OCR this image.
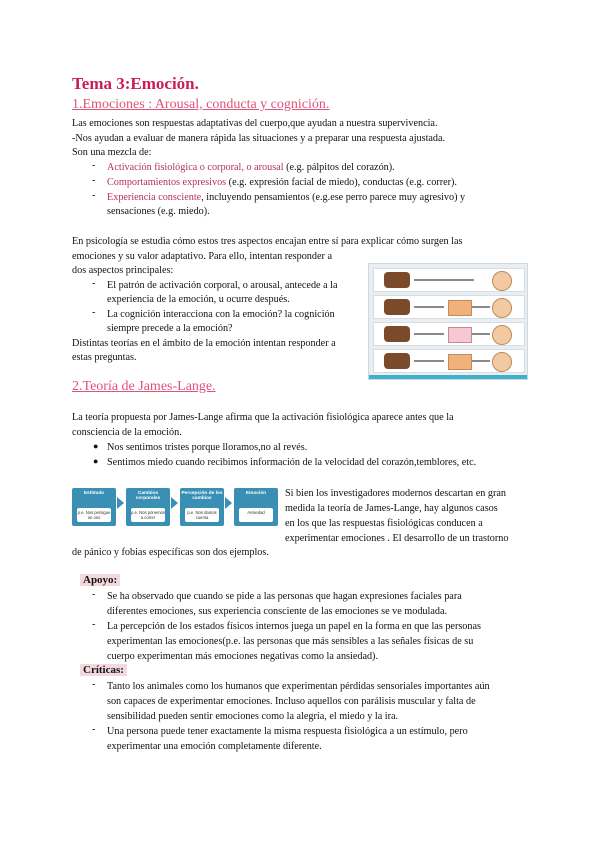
Tema 3:Emoción.
1.Emociones : Arousal, conducta y cognición.
Las emociones son respuestas adaptativas del cuerpo,que ayudan a nuestra supervivencia.
-Nos ayudan a evaluar de manera rápida las situaciones y a preparar una respuesta ajustada.
Son una mezcla de:
- Activación fisiológica o corporal, o arousal (e.g. pálpitos del corazón).
- Comportamientos expresivos (e.g. expresión facial de miedo), conductas (e.g. correr).
- Experiencia consciente, incluyendo pensamientos (e.g.ese perro parece muy agresivo) y
sensaciones (e.g. miedo).
En psicología se estudia cómo estos tres aspectos encajan entre sí para explicar cómo surgen las
emociones y su valor adaptativo. Para ello, intentan responder a
dos aspectos principales:
- El patrón de activación corporal, o arousal, antecede a la
experiencia de la emoción, u ocurre después.
- La cognición interacciona con la emoción? la cognición
siempre precede a la emoción?
Distintas teorías en el ámbito de la emoción intentan responder a
estas preguntas.
2.Teoría de James-Lange.
La teoría propuesta por James-Lange afirma que la activación fisiológica aparece antes que la
consciencia de la emoción.
● Nos sentimos tristes porque lloramos,no al revés.
● Sentimos miedo cuando recibimos información de la velocidad del corazón,temblores, etc.
Estímulo
p.e. Nos persigue un oso
Cambios corporales
p.e. Nos ponemos a correr
Percepción de los cambios
p.e. Nos damos cuenta
Emoción
Ansiedad
Si bien los investigadores modernos descartan en gran
medida la teoría de James-Lange, hay algunos casos
en los que las respuestas fisiológicas conducen a
experimentar emociones . El desarrollo de un trastorno
de pánico y fobias específicas son dos ejemplos.
Apoyo:
- Se ha observado que cuando se pide a las personas que hagan expresiones faciales para
diferentes emociones, sus experiencia consciente de las emociones se ve modulada.
- La percepción de los estados físicos internos juega un papel en la forma en que las personas
experimentan las emociones(p.e. las personas que más sensibles a las señales físicas de su
cuerpo experimentan más emociones negativas como la ansiedad).
Críticas:
- Tanto los animales como los humanos que experimentan pérdidas sensoriales importantes aún
son capaces de experimentar emociones. Incluso aquellos con parálisis muscular y falta de
sensibilidad pueden sentir emociones como la alegría, el miedo y la ira.
- Una persona puede tener exactamente la misma respuesta fisiológica a un estímulo, pero
experimentar una emoción completamente diferente.
